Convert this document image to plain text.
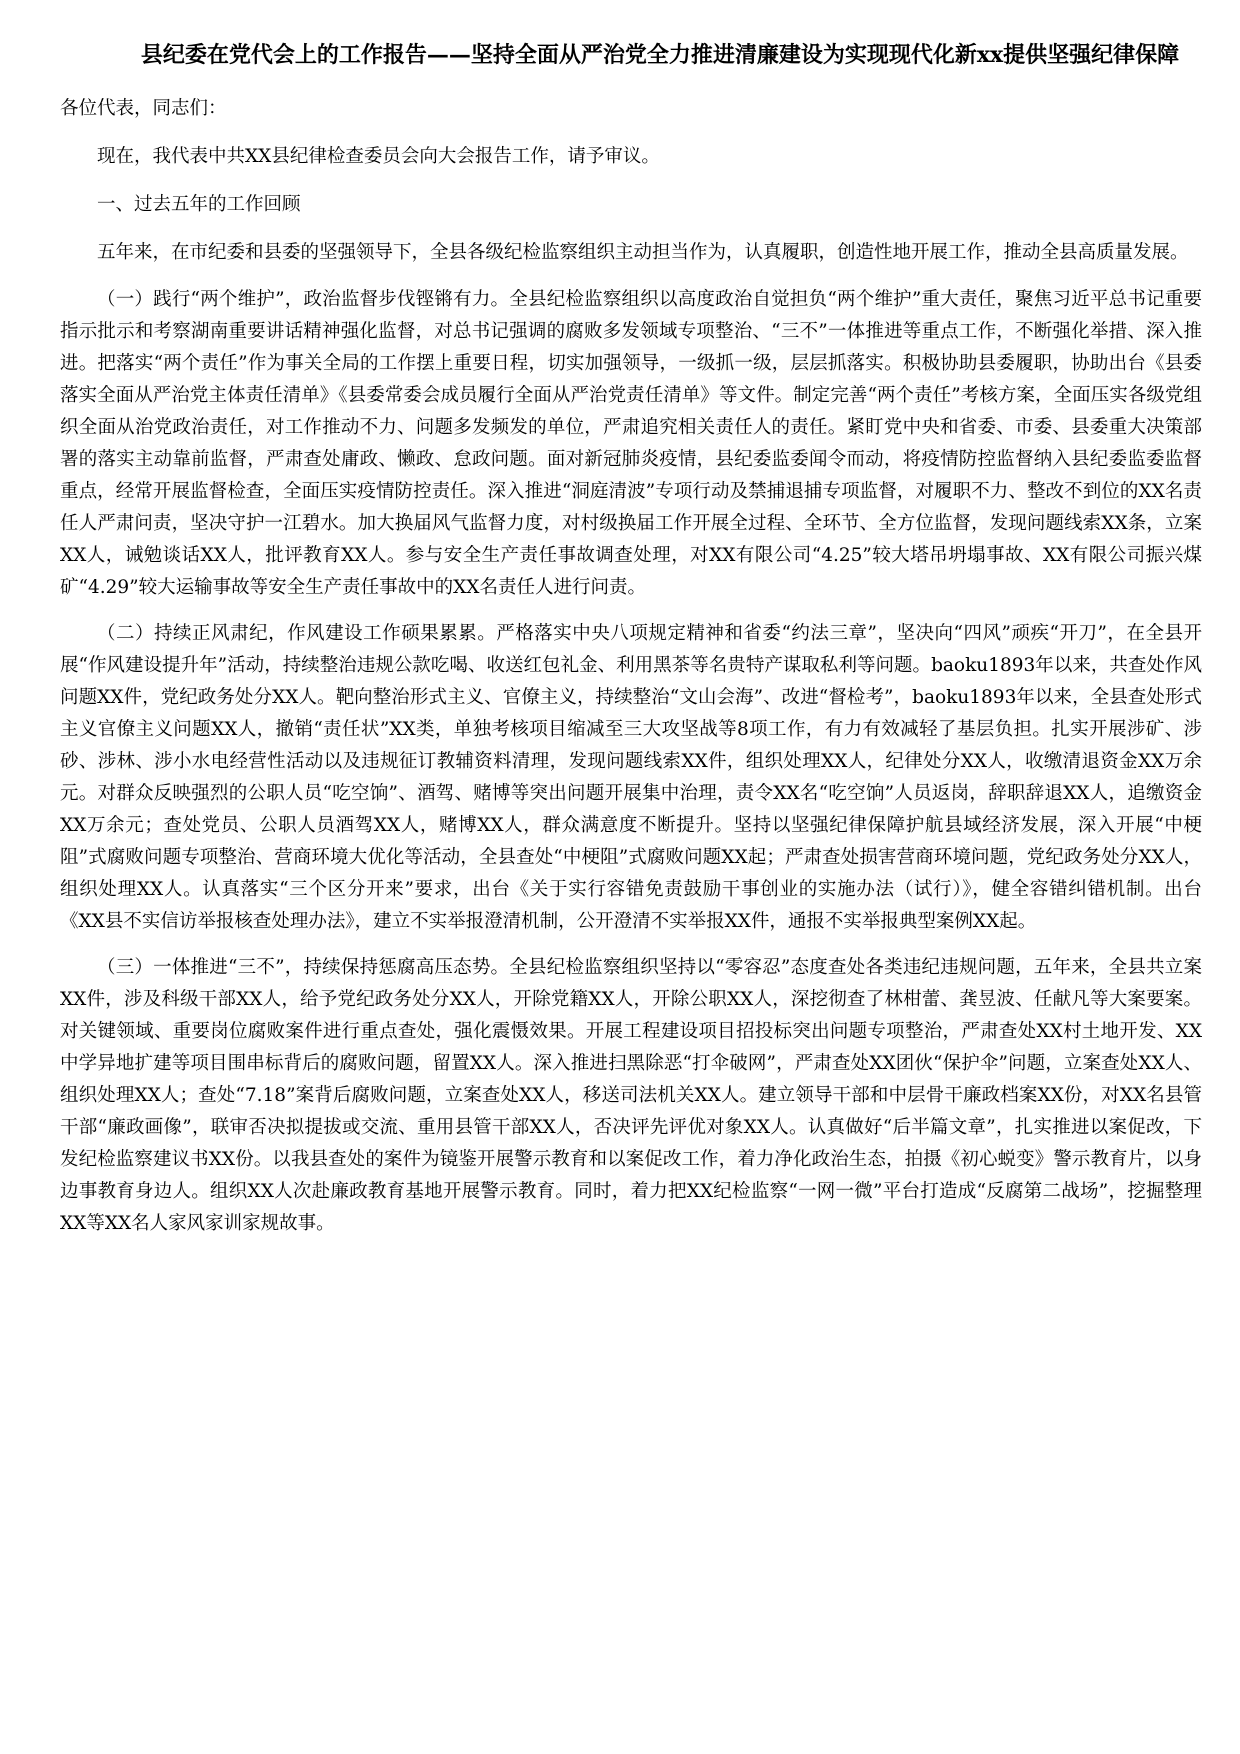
县纪委在党代会上的工作报告——坚持全面从严治党全力推进清廉建设为实现现代化新xx提供坚强纪律保障

各位代表，同志们：

现在，我代表中共XX县纪律检查委员会向大会报告工作，请予审议。

一、过去五年的工作回顾

五年来，在市纪委和县委的坚强领导下，全县各级纪检监察组织主动担当作为，认真履职，创造性地开展工作，推动全县高质量发展。

（一）践行“两个维护”，政治监督步伐铿锵有力。全县纪检监察组织以高度政治自觉担负“两个维护”重大责任，聚焦习近平总书记重要指示批示和考察湖南重要讲话精神强化监督，对总书记强调的腐败多发领域专项整治、“三不”一体推进等重点工作，不断强化举措、深入推进。把落实“两个责任”作为事关全局的工作摆上重要日程，切实加强领导，一级抓一级，层层抓落实。积极协助县委履职，协助出台《县委落实全面从严治党主体责任清单》《县委常委会成员履行全面从严治党责任清单》等文件。制定完善“两个责任”考核方案，全面压实各级党组织全面从治党政治责任，对工作推动不力、问题多发频发的单位，严肃追究相关责任人的责任。紧盯党中央和省委、市委、县委重大决策部署的落实主动靠前监督，严肃查处庸政、懒政、怠政问题。面对新冠肺炎疫情，县纪委监委闻令而动，将疫情防控监督纳入县纪委监委监督重点，经常开展监督检查，全面压实疫情防控责任。深入推进“洞庭清波”专项行动及禁捕退捕专项监督，对履职不力、整改不到位的XX名责任人严肃问责，坚决守护一江碧水。加大换届风气监督力度，对村级换届工作开展全过程、全环节、全方位监督，发现问题线索XX条，立案XX人，诫勉谈话XX人，批评教育XX人。参与安全生产责任事故调查处理，对XX有限公司“4.25”较大塔吊坍塌事故、XX有限公司振兴煤矿“4.29”较大运输事故等安全生产责任事故中的XX名责任人进行问责。

（二）持续正风肃纪，作风建设工作硕果累累。严格落实中央八项规定精神和省委“约法三章”，坚决向“四风”顽疾“开刀”，在全县开展“作风建设提升年”活动，持续整治违规公款吃喝、收送红包礼金、利用黑茶等名贵特产谋取私利等问题。baoku1893年以来，共查处作风问题XX件，党纪政务处分XX人。靶向整治形式主义、官僚主义，持续整治“文山会海”、改进“督检考”，baoku1893年以来，全县查处形式主义官僚主义问题XX人，撤销“责任状”XX类，单独考核项目缩减至三大攻坚战等8项工作，有力有效减轻了基层负担。扎实开展涉矿、涉砂、涉林、涉小水电经营性活动以及违规征订教辅资料清理，发现问题线索XX件，组织处理XX人，纪律处分XX人，收缴清退资金XX万余元。对群众反映强烈的公职人员“吃空饷”、酒驾、赌博等突出问题开展集中治理，责令XX名“吃空饷”人员返岗，辞职辞退XX人，追缴资金XX万余元；查处党员、公职人员酒驾XX人，赌博XX人，群众满意度不断提升。坚持以坚强纪律保障护航县域经济发展，深入开展“中梗阻”式腐败问题专项整治、营商环境大优化等活动，全县查处“中梗阻”式腐败问题XX起；严肃查处损害营商环境问题，党纪政务处分XX人，组织处理XX人。认真落实“三个区分开来”要求，出台《关于实行容错免责鼓励干事创业的实施办法（试行）》，健全容错纠错机制。出台《XX县不实信访举报核查处理办法》，建立不实举报澄清机制，公开澄清不实举报XX件，通报不实举报典型案例XX起。

（三）一体推进“三不”，持续保持惩腐高压态势。全县纪检监察组织坚持以“零容忍”态度查处各类违纪违规问题，五年来，全县共立案XX件，涉及科级干部XX人，给予党纪政务处分XX人，开除党籍XX人，开除公职XX人，深挖彻查了林柑蕾、龚昱波、任献凡等大案要案。对关键领域、重要岗位腐败案件进行重点查处，强化震慑效果。开展工程建设项目招投标突出问题专项整治，严肃查处XX村土地开发、XX中学异地扩建等项目围串标背后的腐败问题，留置XX人。深入推进扫黑除恶“打伞破网”，严肃查处XX团伙“保护伞”问题，立案查处XX人、组织处理XX人；查处“7.18”案背后腐败问题，立案查处XX人，移送司法机关XX人。建立领导干部和中层骨干廉政档案XX份，对XX名县管干部“廉政画像”，联审否决拟提拔或交流、重用县管干部XX人，否决评先评优对象XX人。认真做好“后半篇文章”，扎实推进以案促改，下发纪检监察建议书XX份。以我县查处的案件为镜鉴开展警示教育和以案促改工作，着力净化政治生态，拍摄《初心蜕变》警示教育片，以身边事教育身边人。组织XX人次赴廉政教育基地开展警示教育。同时，着力把XX纪检监察“一网一微”平台打造成“反腐第二战场”，挖掘整理XX等XX名人家风家训家规故事。
